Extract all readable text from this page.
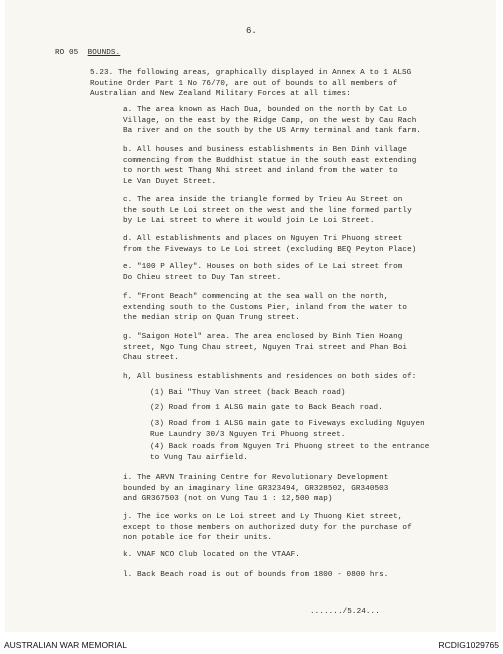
6.
RO 05 BOUNDS.
5.23. The following areas, graphically displayed in Annex A to 1 ALSG
Routine Order Part 1 No 76/70, are out of bounds to all members of
Australian and New Zealand Military Forces at all times:
a. The area known as Hach Dua, bounded on the north by Cat Lo
Village, on the east by the Ridge Camp, on the west by Cau Rach
Ba river and on the south by the US Army terminal and tank farm.
b. All houses and business establishments in Ben Dinh village
commencing from the Buddhist statue in the south east extending
to north west Thang Nhi street and inland from the water to
Le Van Duyet Street.
c. The area inside the triangle formed by Trieu Au Street on
the south Le Loi street on the west and the line formed partly
by Le Lai street to where it would join Le Loi Street.
d. All establishments and places on Nguyen Tri Phuong street
from the Fiveways to Le Loi street (excluding BEQ Peyton Place)
e. "100 P Alley". Houses on both sides of Le Lai street from
Do Chieu street to Duy Tan street.
f. "Front Beach" commencing at the sea wall on the north,
extending south to the Customs Pier, inland from the water to
the median strip on Quan Trung street.
g. "Saigon Hotel" area. The area enclosed by Binh Tien Hoang
street, Ngo Tung Chau street, Nguyen Trai street and Phan Boi
Chau street.
h, All business establishments and residences on both sides of:
(1) Bai "Thuy Van street (back Beach road)
(2) Road from 1 ALSG main gate to Back Beach road.
(3) Road from 1 ALSG main gate to Fiveways excluding Nguyen
Rue Laundry 30/3 Nguyen Tri Phuong street.
(4) Back roads from Nguyen Tri Phuong street to the entrance
to Vung Tau airfield.
i. The ARVN Training Centre for Revolutionary Development
bounded by an imaginary line GR323494, GR328502, GR340503
and GR367503 (not on Vung Tau 1 : 12,500 map)
j. The ice works on Le Loi street and Ly Thuong Kiet street,
except to those members on authorized duty for the purchase of
non potable ice for their units.
k. VNAF NCO Club located on the VTAAF.
l. Back Beach road is out of bounds from 1800 - 0800 hrs.
......./5.24...
AUSTRALIAN WAR MEMORIAL	RCDIG1029765
